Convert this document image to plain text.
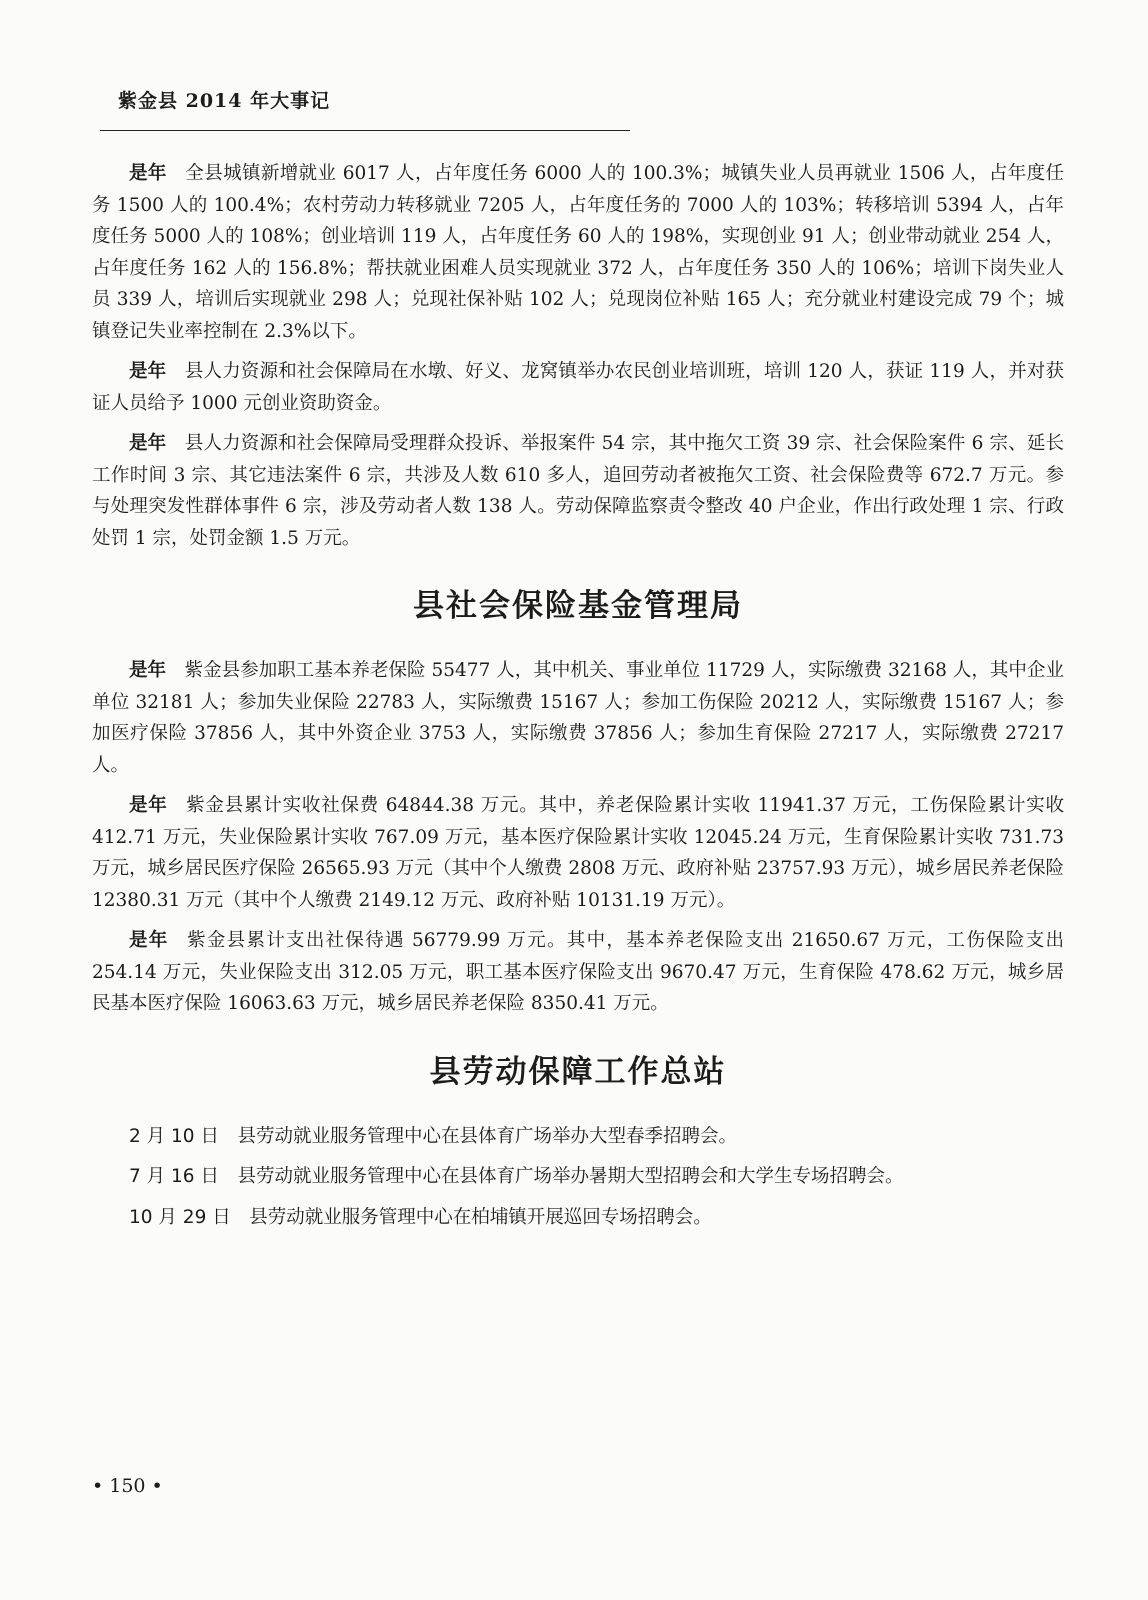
紫金县 2014 年大事记

是年 全县城镇新增就业 6017 人，占年度任务 6000 人的 100.3%；城镇失业人员再就业 1506 人，占年度任务 1500 人的 100.4%；农村劳动力转移就业 7205 人，占年度任务的 7000 人的 103%；转移培训 5394 人，占年度任务 5000 人的 108%；创业培训 119 人，占年度任务 60 人的 198%，实现创业 91 人；创业带动就业 254 人，占年度任务 162 人的 156.8%；帮扶就业困难人员实现就业 372 人，占年度任务 350 人的 106%；培训下岗失业人员 339 人，培训后实现就业 298 人；兑现社保补贴 102 人；兑现岗位补贴 165 人；充分就业村建设完成 79 个；城镇登记失业率控制在 2.3%以下。

是年 县人力资源和社会保障局在水墩、好义、龙窝镇举办农民创业培训班，培训 120 人，获证 119 人，并对获证人员给予 1000 元创业资助资金。

是年 县人力资源和社会保障局受理群众投诉、举报案件 54 宗，其中拖欠工资 39 宗、社会保险案件 6 宗、延长工作时间 3 宗、其它违法案件 6 宗，共涉及人数 610 多人，追回劳动者被拖欠工资、社会保险费等 672.7 万元。参与处理突发性群体事件 6 宗，涉及劳动者人数 138 人。劳动保障监察责令整改 40 户企业，作出行政处理 1 宗、行政处罚 1 宗，处罚金额 1.5 万元。

县社会保险基金管理局

是年 紫金县参加职工基本养老保险 55477 人，其中机关、事业单位 11729 人，实际缴费 32168 人，其中企业单位 32181 人；参加失业保险 22783 人，实际缴费 15167 人；参加工伤保险 20212 人，实际缴费 15167 人；参加医疗保险 37856 人，其中外资企业 3753 人，实际缴费 37856 人；参加生育保险 27217 人，实际缴费 27217 人。

是年 紫金县累计实收社保费 64844.38 万元。其中，养老保险累计实收 11941.37 万元，工伤保险累计实收 412.71 万元，失业保险累计实收 767.09 万元，基本医疗保险累计实收 12045.24 万元，生育保险累计实收 731.73 万元，城乡居民医疗保险 26565.93 万元（其中个人缴费 2808 万元、政府补贴 23757.93 万元），城乡居民养老保险 12380.31 万元（其中个人缴费 2149.12 万元、政府补贴 10131.19 万元）。

是年 紫金县累计支出社保待遇 56779.99 万元。其中，基本养老保险支出 21650.67 万元，工伤保险支出 254.14 万元，失业保险支出 312.05 万元，职工基本医疗保险支出 9670.47 万元，生育保险 478.62 万元，城乡居民基本医疗保险 16063.63 万元，城乡居民养老保险 8350.41 万元。

县劳动保障工作总站

2 月 10 日 县劳动就业服务管理中心在县体育广场举办大型春季招聘会。

7 月 16 日 县劳动就业服务管理中心在县体育广场举办暑期大型招聘会和大学生专场招聘会。

10 月 29 日 县劳动就业服务管理中心在柏埔镇开展巡回专场招聘会。

• 150 •
